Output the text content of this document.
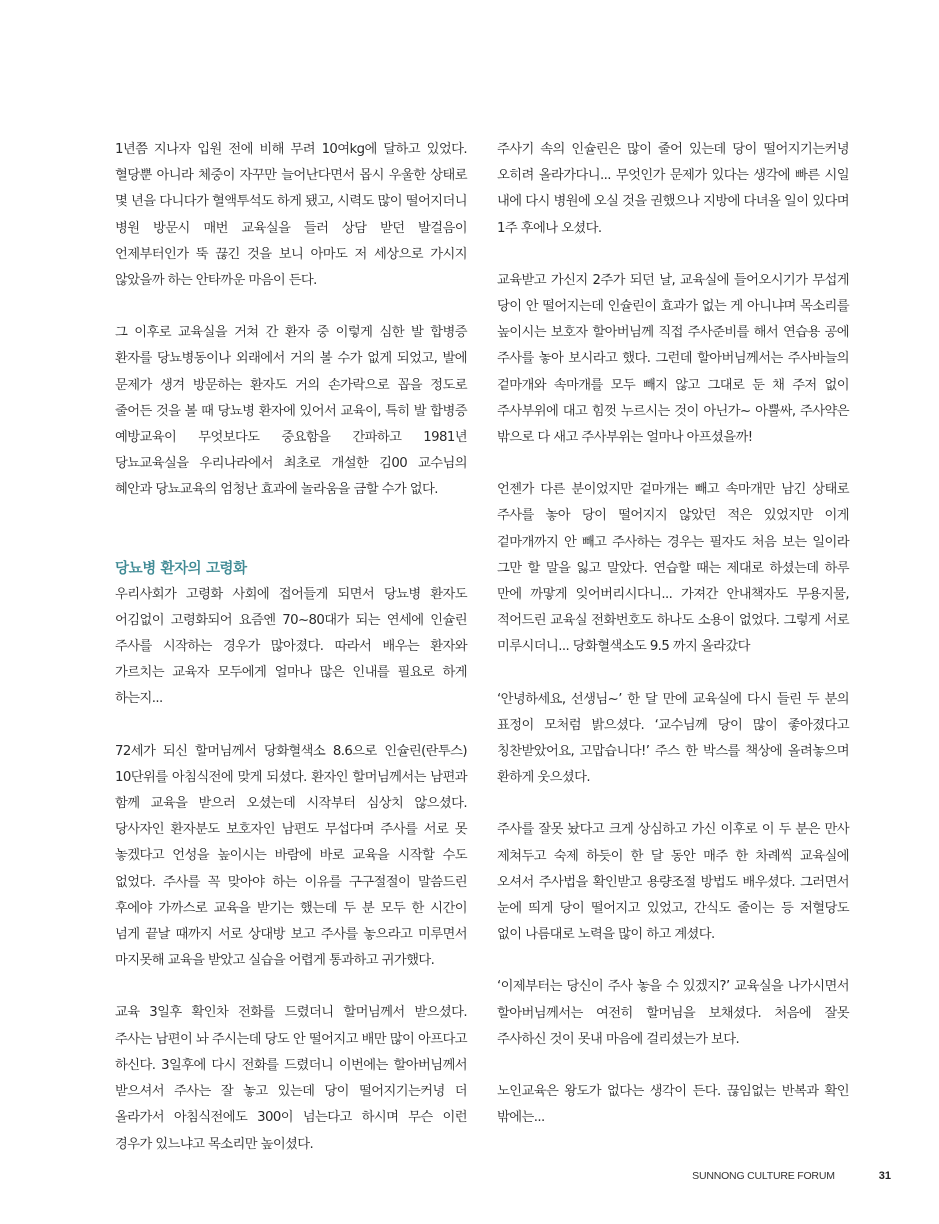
1년쯤 지나자 입원 전에 비해 무려 10여kg에 달하고 있었다. 혈당뿐 아니라 체중이 자꾸만 늘어난다면서 몹시 우울한 상태로 몇 년을 다니다가 혈액투석도 하게 됐고, 시력도 많이 떨어지더니 병원 방문시 매번 교육실을 들러 상담 받던 발걸음이 언제부터인가 뚝 끊긴 것을 보니 아마도 저 세상으로 가시지 않았을까 하는 안타까운 마음이 든다.

그 이후로 교육실을 거쳐 간 환자 중 이렇게 심한 발 합병증 환자를 당뇨병동이나 외래에서 거의 볼 수가 없게 되었고, 발에 문제가 생겨 방문하는 환자도 거의 손가락으로 꼽을 정도로 줄어든 것을 볼 때 당뇨병 환자에 있어서 교육이, 특히 발 합병증 예방교육이 무엇보다도 중요함을 간파하고 1981년 당뇨교육실을 우리나라에서 최초로 개설한 김00 교수님의 혜안과 당뇨교육의 엄청난 효과에 놀라움을 금할 수가 없다.

당뇨병 환자의 고령화

우리사회가 고령화 사회에 접어들게 되면서 당뇨병 환자도 어김없이 고령화되어 요즘엔 70~80대가 되는 연세에 인슐린 주사를 시작하는 경우가 많아졌다. 따라서 배우는 환자와 가르치는 교육자 모두에게 얼마나 많은 인내를 필요로 하게 하는지...

72세가 되신 할머님께서 당화혈색소 8.6으로 인슐린(란투스) 10단위를 아침식전에 맞게 되셨다. 환자인 할머님께서는 남편과 함께 교육을 받으러 오셨는데 시작부터 심상치 않으셨다. 당사자인 환자분도 보호자인 남편도 무섭다며 주사를 서로 못 놓겠다고 언성을 높이시는 바람에 바로 교육을 시작할 수도 없었다. 주사를 꼭 맞아야 하는 이유를 구구절절이 말씀드린 후에야 가까스로 교육을 받기는 했는데 두 분 모두 한 시간이 넘게 끝날 때까지 서로 상대방 보고 주사를 놓으라고 미루면서 마지못해 교육을 받았고 실습을 어렵게 통과하고 귀가했다.

교육 3일후 확인차 전화를 드렸더니 할머님께서 받으셨다. 주사는 남편이 놔 주시는데 당도 안 떨어지고 배만 많이 아프다고 하신다. 3일후에 다시 전화를 드렸더니 이번에는 할아버님께서 받으셔서 주사는 잘 놓고 있는데 당이 떨어지기는커녕 더 올라가서 아침식전에도 300이 넘는다고 하시며 무슨 이런 경우가 있느냐고 목소리만 높이셨다.

주사기 속의 인슐린은 많이 줄어 있는데 당이 떨어지기는커녕 오히려 올라가다니... 무엇인가 문제가 있다는 생각에 빠른 시일 내에 다시 병원에 오실 것을 권했으나 지방에 다녀올 일이 있다며 1주 후에나 오셨다.

교육받고 가신지 2주가 되던 날, 교육실에 들어오시기가 무섭게 당이 안 떨어지는데 인슐린이 효과가 없는 게 아니냐며 목소리를 높이시는 보호자 할아버님께 직접 주사준비를 해서 연습용 공에 주사를 놓아 보시라고 했다. 그런데 할아버님께서는 주사바늘의 겉마개와 속마개를 모두 빼지 않고 그대로 둔 채 주저 없이 주사부위에 대고 힘껏 누르시는 것이 아닌가~ 아뿔싸, 주사약은 밖으로 다 새고 주사부위는 얼마나 아프셨을까!

언젠가 다른 분이었지만 겉마개는 빼고 속마개만 남긴 상태로 주사를 놓아 당이 떨어지지 않았던 적은 있었지만 이게 겉마개까지 안 빼고 주사하는 경우는 필자도 처음 보는 일이라 그만 할 말을 잃고 말았다. 연습할 때는 제대로 하셨는데 하루 만에 까맣게 잊어버리시다니... 가져간 안내책자도 무용지물, 적어드린 교육실 전화번호도 하나도 소용이 없었다. 그렇게 서로 미루시더니... 당화혈색소도 9.5 까지 올라갔다

‘안녕하세요, 선생님~’ 한 달 만에 교육실에 다시 들린 두 분의 표정이 모처럼 밝으셨다. ‘교수님께 당이 많이 좋아졌다고 칭찬받았어요, 고맙습니다!’ 주스 한 박스를 책상에 올려놓으며 환하게 웃으셨다.

주사를 잘못 놨다고 크게 상심하고 가신 이후로 이 두 분은 만사 제쳐두고 숙제 하듯이 한 달 동안 매주 한 차례씩 교육실에 오셔서 주사법을 확인받고 용량조절 방법도 배우셨다. 그러면서 눈에 띄게 당이 떨어지고 있었고, 간식도 줄이는 등 저혈당도 없이 나름대로 노력을 많이 하고 계셨다.

‘이제부터는 당신이 주사 놓을 수 있겠지?’ 교육실을 나가시면서 할아버님께서는 여전히 할머님을 보채셨다. 처음에 잘못 주사하신 것이 못내 마음에 걸리셨는가 보다.

노인교육은 왕도가 없다는 생각이 든다. 끊임없는 반복과 확인 밖에는...

SUNNONG CULTURE FORUM	31
